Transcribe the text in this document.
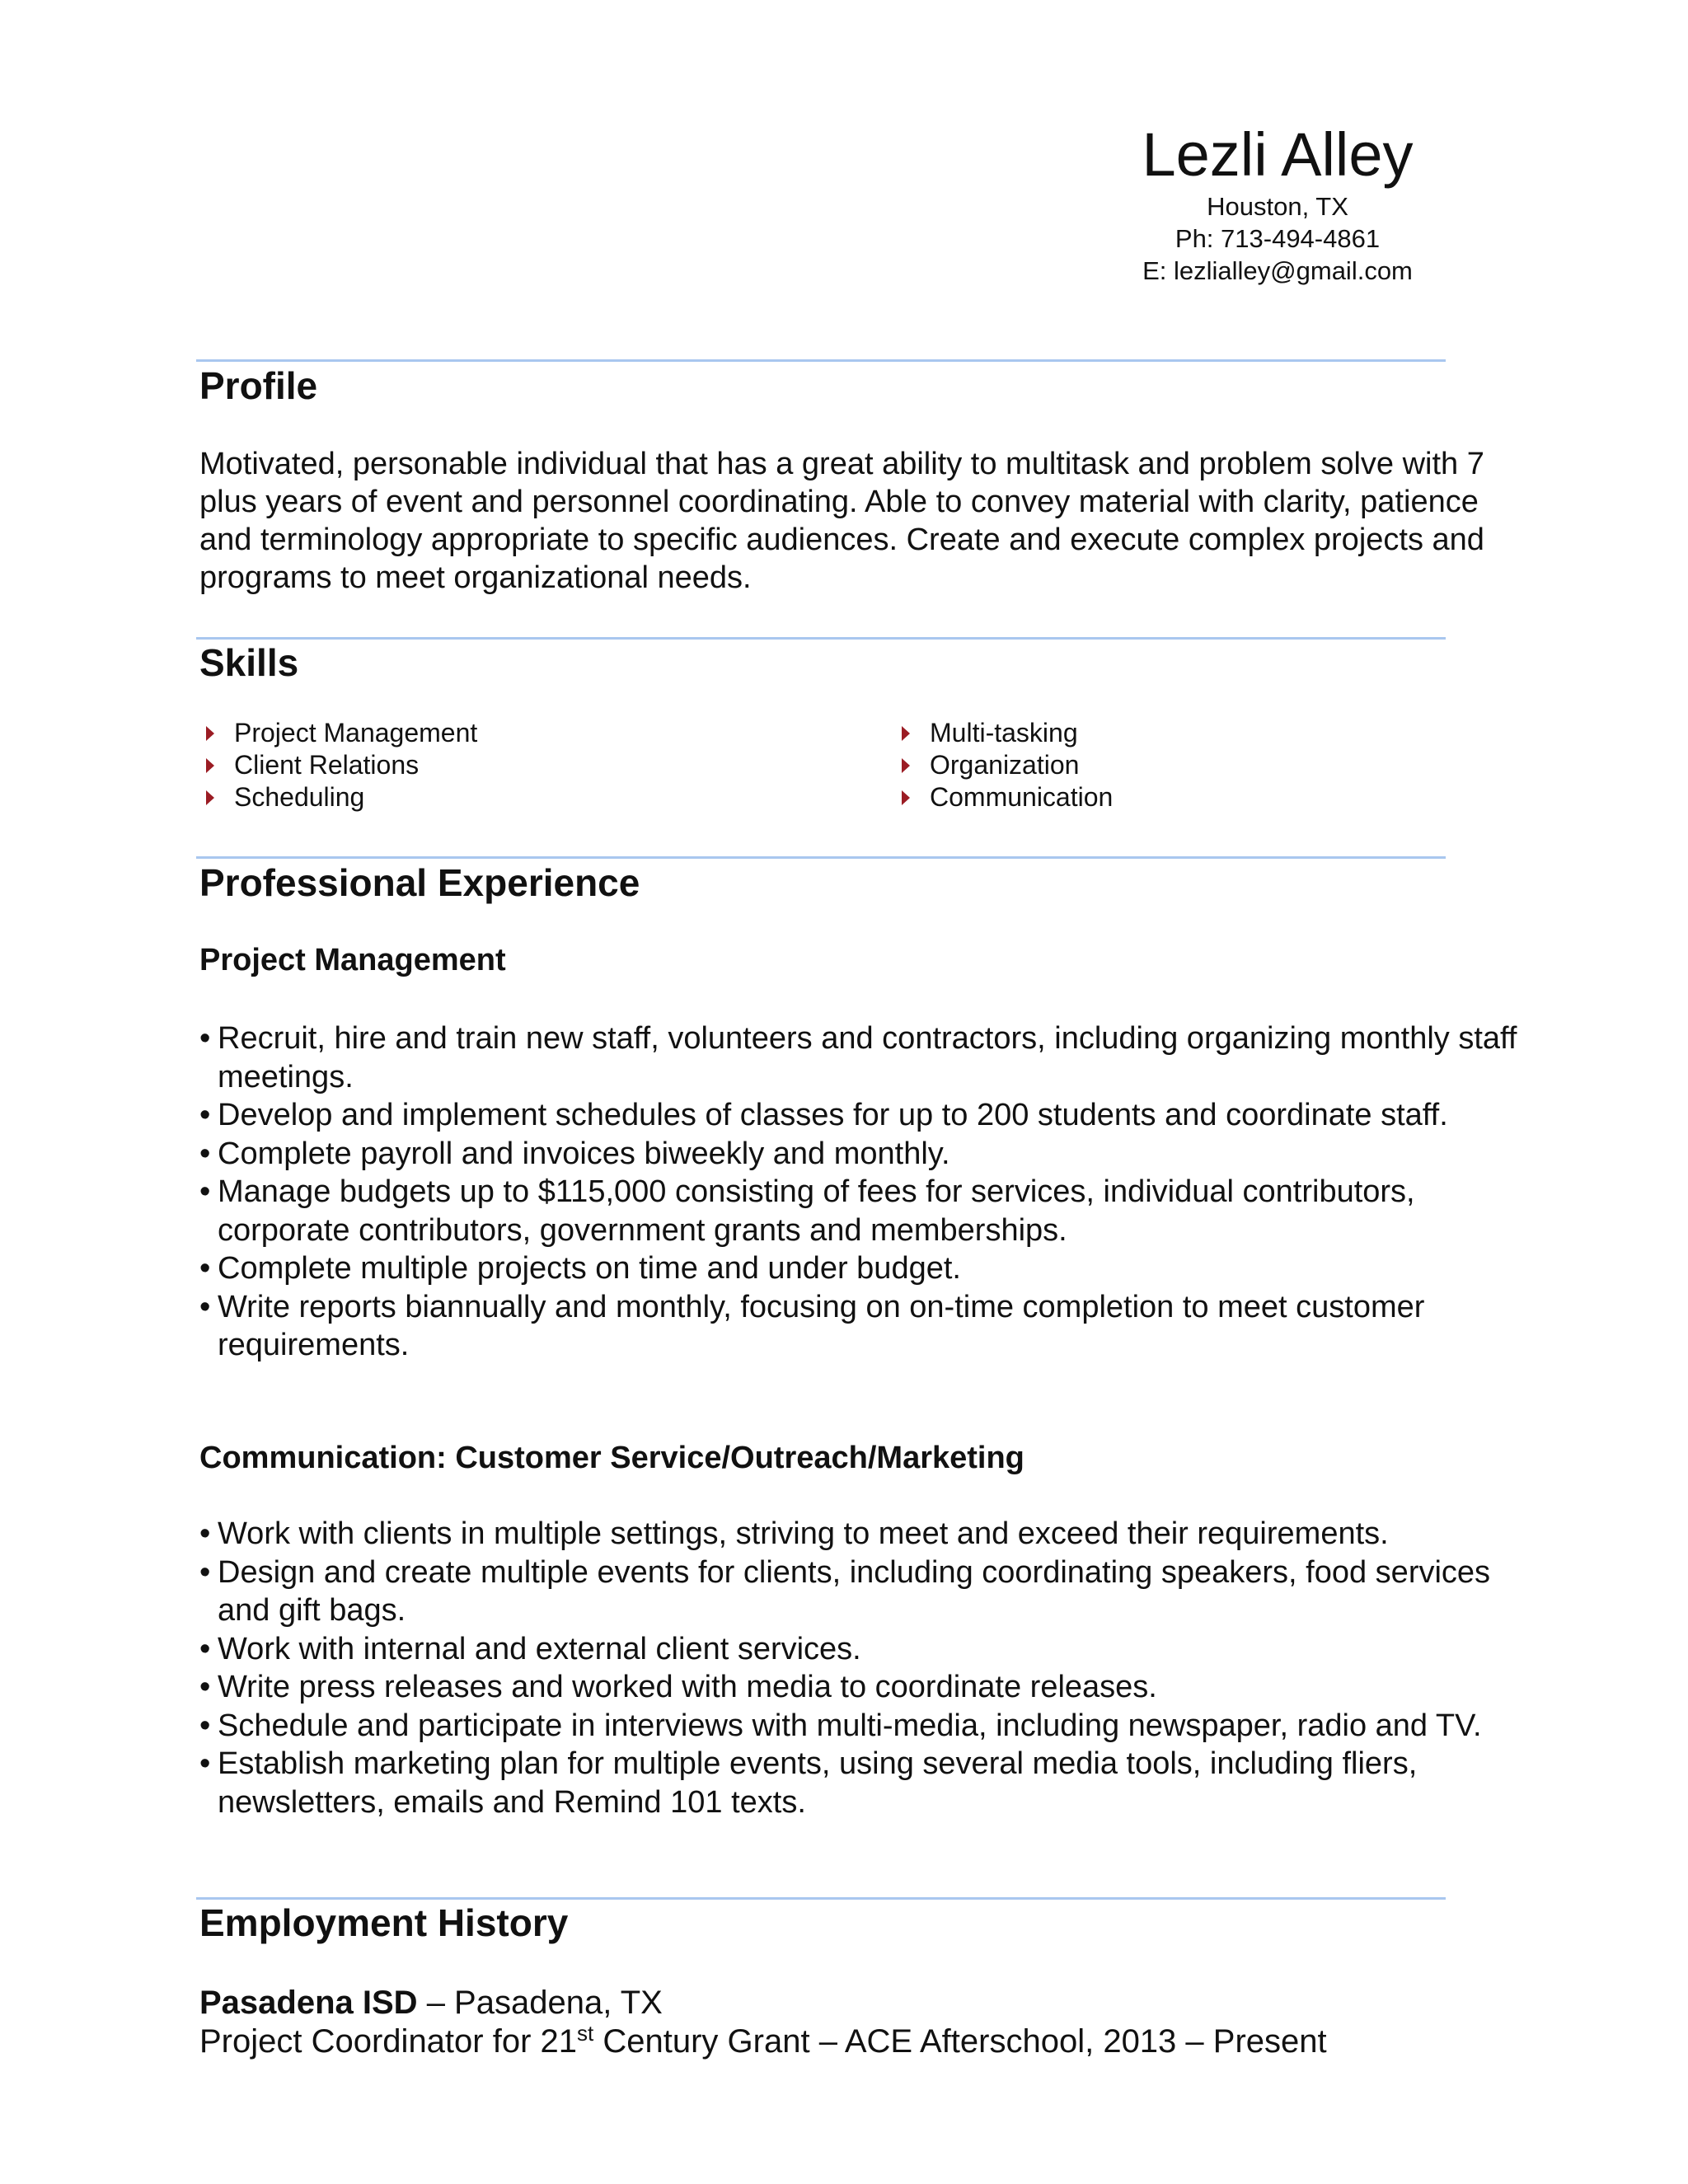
Lezli Alley

Houston, TX

Ph: 713-494-4861

E: lezlialley@gmail.com

Profile

Motivated, personable individual that has a great ability to multitask and problem solve with 7 plus years of event and personnel coordinating. Able to convey material with clarity, patience and terminology appropriate to specific audiences. Create and execute complex projects and programs to meet organizational needs.

Skills
Project Management
Client Relations
Scheduling
Multi-tasking
Organization
Communication
Professional Experience
Project Management
• Recruit, hire and train new staff, volunteers and contractors, including organizing monthly staff meetings.
• Develop and implement schedules of classes for up to 200 students and coordinate staff.
• Complete payroll and invoices biweekly and monthly.
• Manage budgets up to $115,000 consisting of fees for services, individual contributors, corporate contributors, government grants and memberships.
• Complete multiple projects on time and under budget.
• Write reports biannually and monthly, focusing on on-time completion to meet customer requirements.
Communication: Customer Service/Outreach/Marketing
• Work with clients in multiple settings, striving to meet and exceed their requirements.
• Design and create multiple events for clients, including coordinating speakers, food services and gift bags.
• Work with internal and external client services.
• Write press releases and worked with media to coordinate releases.
• Schedule and participate in interviews with multi-media, including newspaper, radio and TV.
• Establish marketing plan for multiple events, using several media tools, including fliers, newsletters, emails and Remind 101 texts.
Employment History

Pasadena ISD – Pasadena, TX

Project Coordinator for 21st Century Grant – ACE Afterschool, 2013 – Present
